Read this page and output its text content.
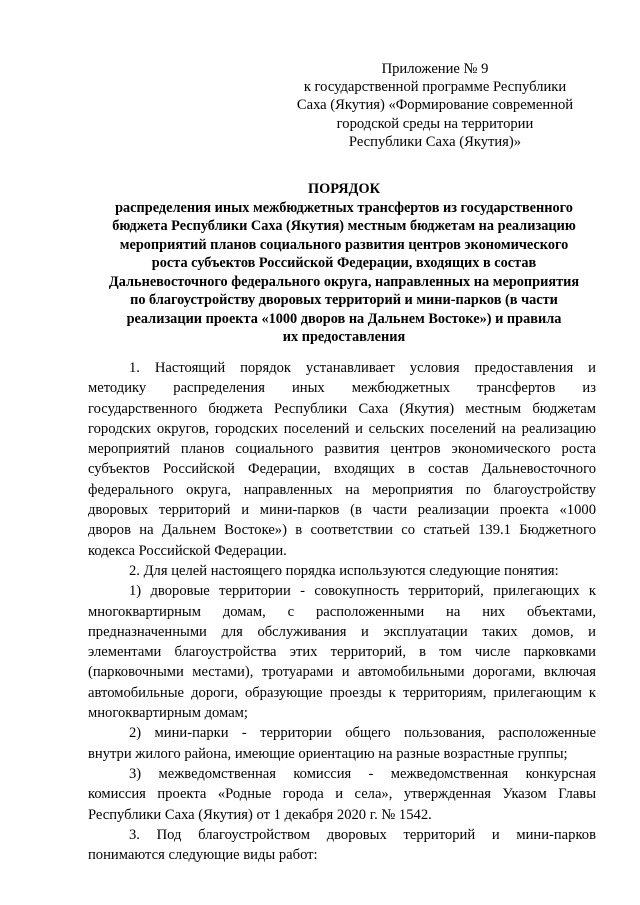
Приложение № 9
к государственной программе Республики
Саха (Якутия) «Формирование современной
городской среды на территории
Республики Саха (Якутия)»
ПОРЯДОК
распределения иных межбюджетных трансфертов из государственного
бюджета Республики Саха (Якутия) местным бюджетам на реализацию
мероприятий планов социального развития центров экономического
роста субъектов Российской Федерации, входящих в состав
Дальневосточного федерального округа, направленных на мероприятия
по благоустройству дворовых территорий и мини-парков (в части
реализации проекта «1000 дворов на Дальнем Востоке») и правила
их предоставления
1. Настоящий порядок устанавливает условия предоставления и
методику распределения иных межбюджетных трансфертов из
государственного бюджета Республики Саха (Якутия) местным бюджетам
городских округов, городских поселений и сельских поселений на реализацию
мероприятий планов социального развития центров экономического роста
субъектов Российской Федерации, входящих в состав Дальневосточного
федерального округа, направленных на мероприятия по благоустройству
дворовых территорий и мини-парков (в части реализации проекта «1000
дворов на Дальнем Востоке») в соответствии со статьей 139.1 Бюджетного
кодекса Российской Федерации.
2. Для целей настоящего порядка используются следующие понятия:
1) дворовые территории - совокупность территорий, прилегающих к
многоквартирным домам, с расположенными на них объектами,
предназначенными для обслуживания и эксплуатации таких домов, и
элементами благоустройства этих территорий, в том числе парковками
(парковочными местами), тротуарами и автомобильными дорогами, включая
автомобильные дороги, образующие проезды к территориям, прилегающим к
многоквартирным домам;
2) мини-парки - территории общего пользования, расположенные
внутри жилого района, имеющие ориентацию на разные возрастные группы;
3) межведомственная комиссия - межведомственная конкурсная
комиссия проекта «Родные города и села», утвержденная Указом Главы
Республики Саха (Якутия) от 1 декабря 2020 г. № 1542.
3. Под благоустройством дворовых территорий и мини-парков
понимаются следующие виды работ:
